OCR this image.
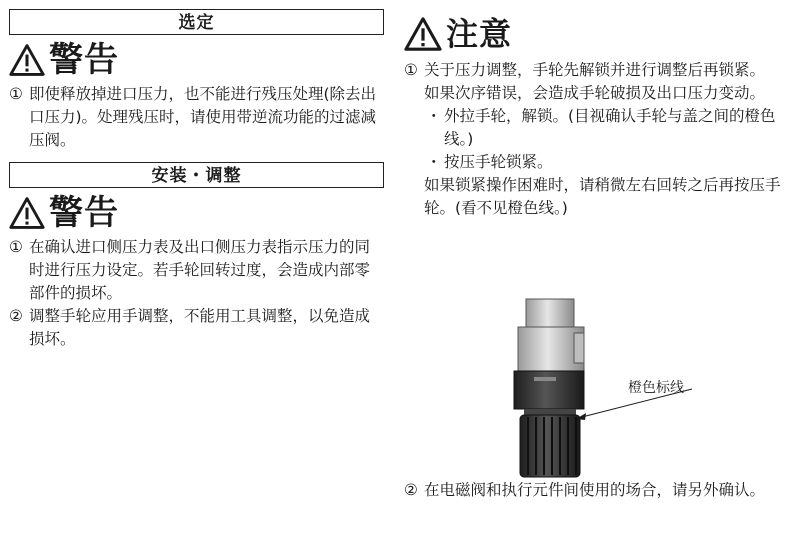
选定
警告
① 即使释放掉进口压力，也不能进行残压处理(除去出口压力)。处理残压时，请使用带逆流功能的过滤减压阀。
安装・调整
警告
① 在确认进口侧压力表及出口侧压力表指示压力的同时进行压力设定。若手轮回转过度，会造成内部零部件的损坏。
② 调整手轮应用手调整，不能用工具调整，以免造成损坏。
注意
① 关于压力调整，手轮先解锁并进行调整后再锁紧。
如果次序错误，会造成手轮破损及出口压力变动。
・ 外拉手轮，解锁。(目视确认手轮与盖之间的橙色线。)
・ 按压手轮锁紧。
如果锁紧操作困难时，请稍微左右回转之后再按压手轮。(看不见橙色线。)
橙色标线
② 在电磁阀和执行元件间使用的场合，请另外确认。
